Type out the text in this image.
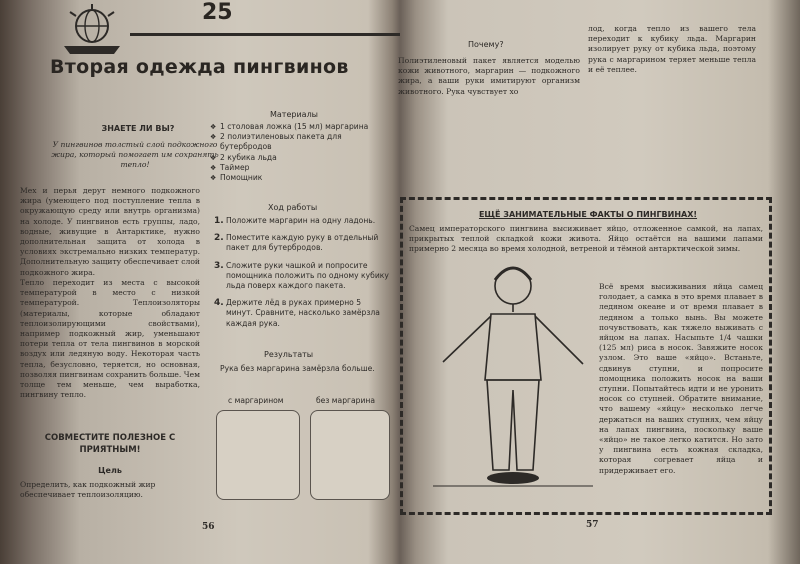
25
Вторая одежда пингвинов
ЗНАЕТЕ ЛИ ВЫ?
У пингвинов толстый слой подкожного жира, который помогает им сохранять тепло!
Мех и перья дерут немного подкожного жира (умеющего под поступление тепла в окружающую среду или внутрь организма) на холоде. У пингвинов есть группы, ладо, водные, живущие в Антарктике, нужно дополнительная защита от холода в условиях экстремально низких температур. Дополнительную защиту обеспечивает слой подкожного жира.
Тепло переходит из места с высокой температурой в место с низкой температурой. Теплоизоляторы (материалы, которые обладают теплоизолирующими свойствами), например подкожный жир, уменьшают потери тепла от тела пингвинов в морской воздух или ледяную воду. Некоторая часть тепла, безусловно, теряется, но основная, позволяя пингвинам сохранить больше. Чем толще тем меньше, чем выработка, пингвину тепло.
СОВМЕСТИТЕ ПОЛЕЗНОЕ С ПРИЯТНЫМ!
Цель
Определить, как подкожный жир обеспечивает теплоизоляцию.
Материалы
❖ 1 столовая ложка (15 мл) маргарина
❖ 2 полиэтиленовых пакета для бутербродов
❖ 2 кубика льда
❖ Таймер
❖ Помощник
Ход работы
1. Положите маргарин на одну ладонь.
2. Поместите каждую руку в отдельный пакет для бутербродов.
3. Сложите руки чашкой и попросите помощника положить по одному кубику льда поверх каждого пакета.
4. Держите лёд в руках примерно 5 минут. Сравните, насколько замёрзла каждая рука.
Результаты
Рука без маргарина замёрзла больше.
с маргарином	без маргарина
56
Почему?
Полиэтиленовый пакет является моделью кожи животного, маргарин — подкожного жира, а ваши руки имитируют организм животного. Рука чувствует хо
лод, когда тепло из вашего тела переходит к кубику льда. Маргарин изолирует руку от кубика льда, поэтому рука с маргарином теряет меньше тепла и её теплее.
57
ЕЩЁ ЗАНИМАТЕЛЬНЫЕ ФАКТЫ О ПИНГВИНАХ!
Самец императорского пингвина высиживает яйцо, отложенное самкой, на лапах, прикрытых теплой складкой кожи живота. Яйцо остаётся на вашими лапами примерно 2 месяца во время холодной, ветреной и тёмной антарктической зимы.
Всё время высиживания яйца самец голодает, а самка в это время плавает в ледяном океане и от время плавает в ледяном а только вынь. Вы можете почувствовать, как тяжело выживать с яйцом на лапах. Насыпьте 1/4 чашки (125 мл) риса в носок. Завяжите носок узлом. Это ваше «яйцо». Встаньте, сдвинув ступни, и попросите помощника положить носок на ваши ступни. Попытайтесь идти и не уронить носок со ступней. Обратите внимание, что вашему «яйцу» несколько легче держаться на ваших ступнях, чем яйцу на лапах пингвина, поскольку ваше «яйцо» не такое легко катится. Но зато у пингвина есть кожная складка, которая согревает яйца и придерживает его.
